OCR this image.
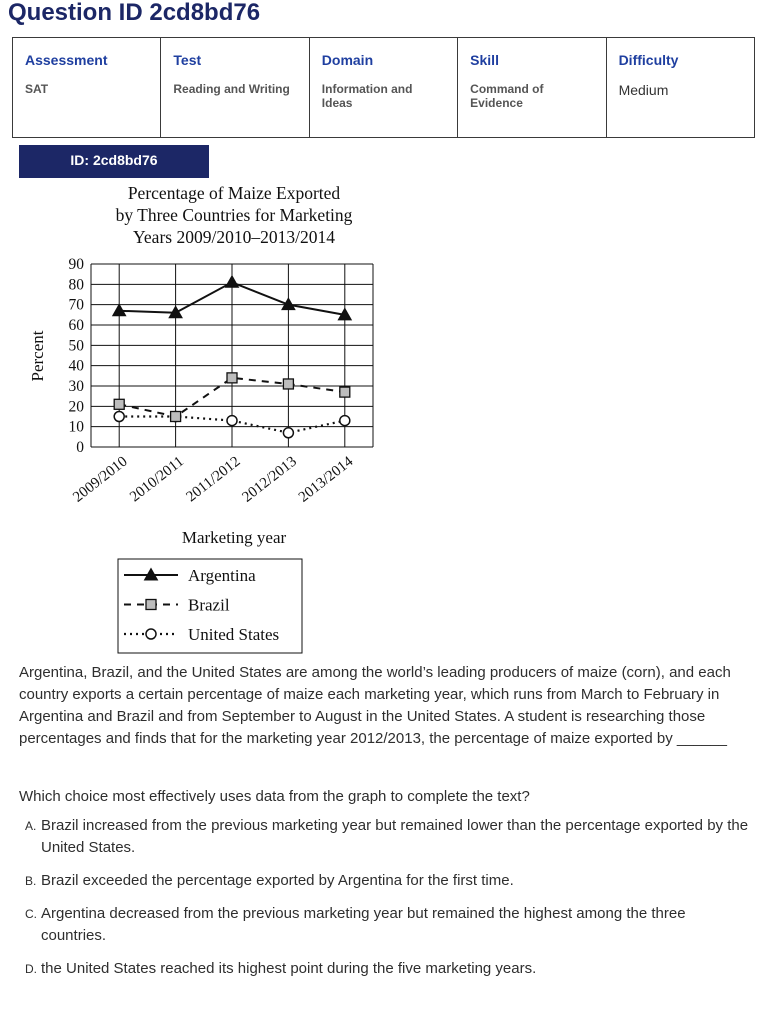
Question ID 2cd8bd76
Assessment
SAT

Test
Reading and Writing

Domain
Information and Ideas

Skill
Command of Evidence

Difficulty
Medium
ID: 2cd8bd76
Percentage of Maize Exported
by Three Countries for Marketing
Years 2009/2010–2013/2014
0
10
20
30
40
50
60
70
80
90
2009/2010
2010/2011
2011/2012
2012/2013
2013/2014
Percent
Marketing year
Argentina
Brazil
United States

Argentina, Brazil, and the United States are among the world’s leading producers of maize (corn), and each country exports a certain percentage of maize each marketing year, which runs from March to February in Argentina and Brazil and from September to August in the United States. A student is researching those percentages and finds that for the marketing year 2012/2013, the percentage of maize exported by ______

Which choice most effectively uses data from the graph to complete the text?

A. Brazil increased from the previous marketing year but remained lower than the percentage exported by the United States.
B. Brazil exceeded the percentage exported by Argentina for the first time.
C. Argentina decreased from the previous marketing year but remained the highest among the three countries.
D. the United States reached its highest point during the five marketing years.
